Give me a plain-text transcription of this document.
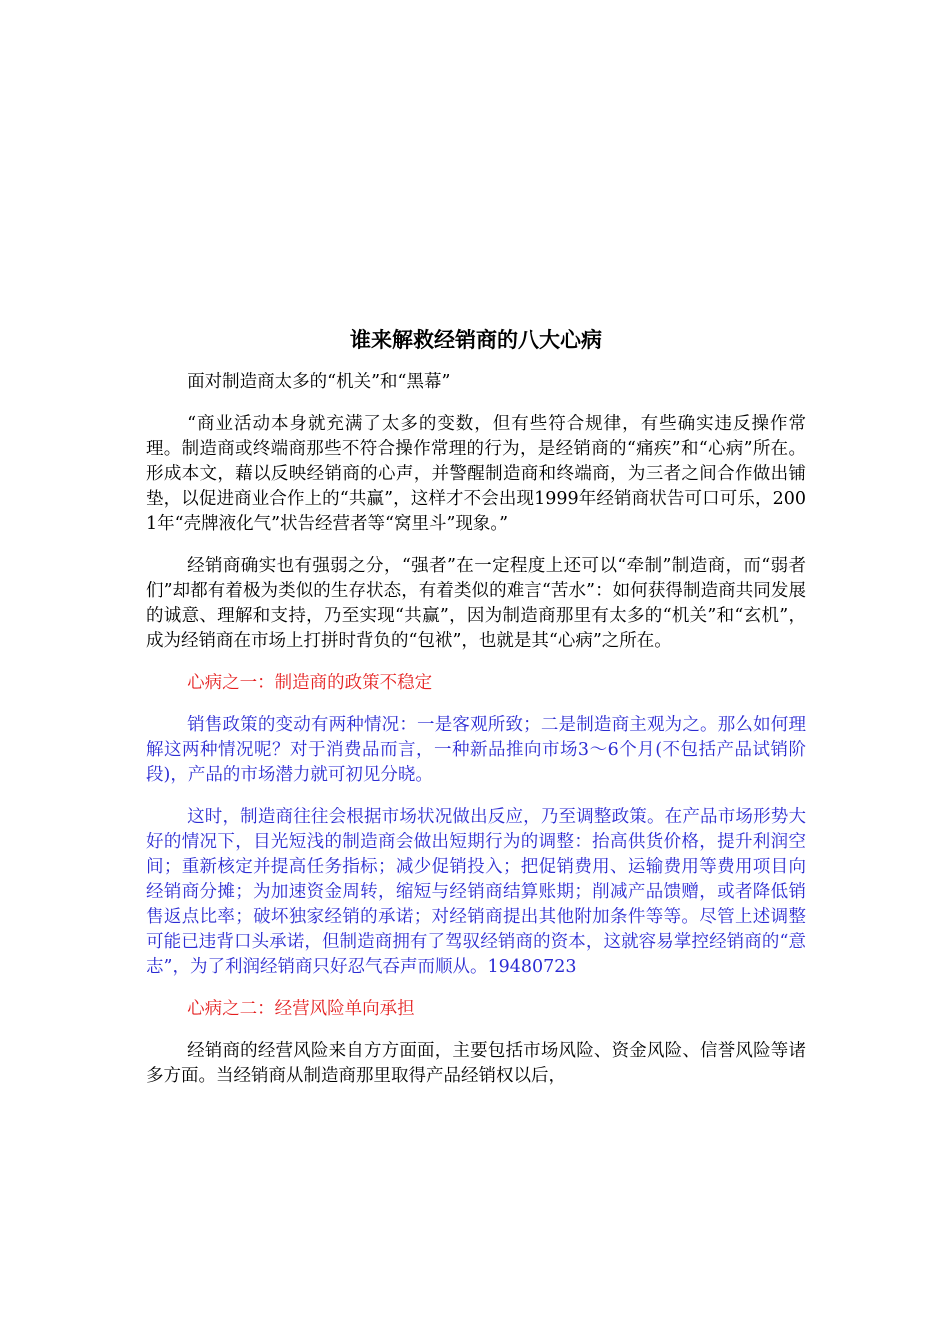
谁来解救经销商的八大心病

面对制造商太多的“机关”和“黑幕”

“商业活动本身就充满了太多的变数，但有些符合规律，有些确实违反操作常理。制造商或终端商那些不符合操作常理的行为，是经销商的“痛疾”和“心病”所在。形成本文，藉以反映经销商的心声，并警醒制造商和终端商，为三者之间合作做出铺垫，以促进商业合作上的“共赢”，这样才不会出现1999年经销商状告可口可乐，2001年“壳牌液化气”状告经营者等“窝里斗”现象。”

经销商确实也有强弱之分，“强者”在一定程度上还可以“牵制”制造商，而“弱者们”却都有着极为类似的生存状态，有着类似的难言“苦水”：如何获得制造商共同发展的诚意、理解和支持，乃至实现“共赢”，因为制造商那里有太多的“机关”和“玄机”，成为经销商在市场上打拼时背负的“包袱”，也就是其“心病”之所在。

心病之一：制造商的政策不稳定

销售政策的变动有两种情况：一是客观所致；二是制造商主观为之。那么如何理解这两种情况呢？对于消费品而言，一种新品推向市场3～6个月(不包括产品试销阶段)，产品的市场潜力就可初见分晓。

这时，制造商往往会根据市场状况做出反应，乃至调整政策。在产品市场形势大好的情况下，目光短浅的制造商会做出短期行为的调整：抬高供货价格，提升利润空间；重新核定并提高任务指标；减少促销投入；把促销费用、运输费用等费用项目向经销商分摊；为加速资金周转，缩短与经销商结算账期；削减产品馈赠，或者降低销售返点比率；破坏独家经销的承诺；对经销商提出其他附加条件等等。尽管上述调整可能已违背口头承诺，但制造商拥有了驾驭经销商的资本，这就容易掌控经销商的“意志”，为了利润经销商只好忍气吞声而顺从。19480723

心病之二：经营风险单向承担

经销商的经营风险来自方方面面，主要包括市场风险、资金风险、信誉风险等诸多方面。当经销商从制造商那里取得产品经销权以后，
